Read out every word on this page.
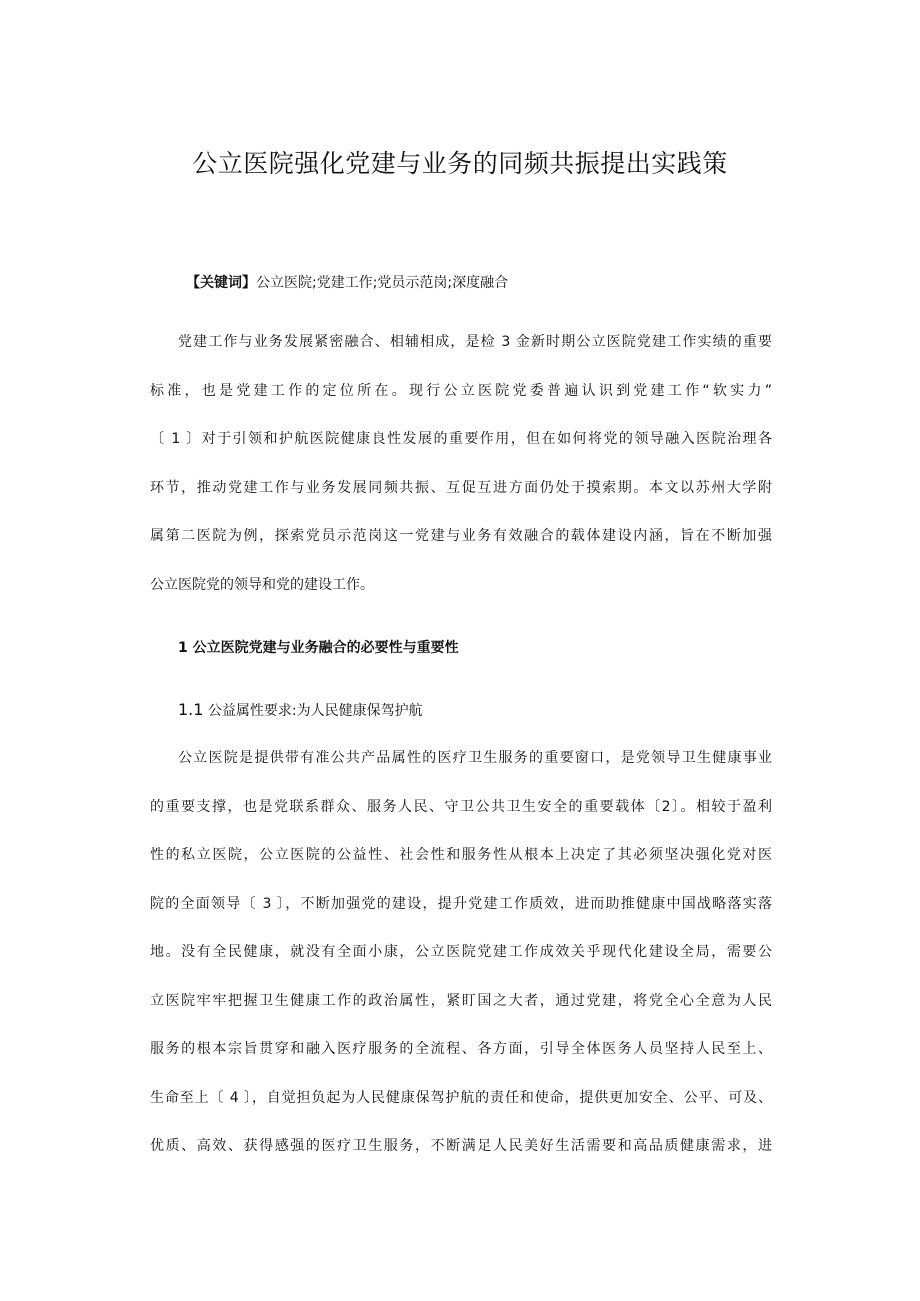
公立医院强化党建与业务的同频共振提出实践策
【关键词】公立医院;党建工作;党员示范岗;深度融合
党建工作与业务发展紧密融合、相辅相成，是检 3 金新时期公立医院党建工作实绩的重要
标准，也是党建工作的定位所在。现行公立医院党委普遍认识到党建工作“软实力”
〔 1 〕对于引领和护航医院健康良性发展的重要作用，但在如何将党的领导融入医院治理各
环节，推动党建工作与业务发展同频共振、互促互进方面仍处于摸索期。本文以苏州大学附
属第二医院为例，探索党员示范岗这一党建与业务有效融合的载体建设内涵，旨在不断加强
公立医院党的领导和党的建设工作。
1 公立医院党建与业务融合的必要性与重要性
1.1 公益属性要求:为人民健康保驾护航
公立医院是提供带有准公共产品属性的医疗卫生服务的重要窗口，是党领导卫生健康事业
的重要支撑，也是党联系群众、服务人民、守卫公共卫生安全的重要载体〔2〕。相较于盈利
性的私立医院，公立医院的公益性、社会性和服务性从根本上决定了其必须坚决强化党对医
院的全面领导〔 3 〕，不断加强党的建设，提升党建工作质效，进而助推健康中国战略落实落
地。没有全民健康，就没有全面小康，公立医院党建工作成效关乎现代化建设全局，需要公
立医院牢牢把握卫生健康工作的政治属性，紧盯国之大者，通过党建，将党全心全意为人民
服务的根本宗旨贯穿和融入医疗服务的全流程、各方面，引导全体医务人员坚持人民至上、
生命至上〔 4 〕，自觉担负起为人民健康保驾护航的责任和使命，提供更加安全、公平、可及、
优质、高效、获得感强的医疗卫生服务，不断满足人民美好生活需要和高品质健康需求，进
